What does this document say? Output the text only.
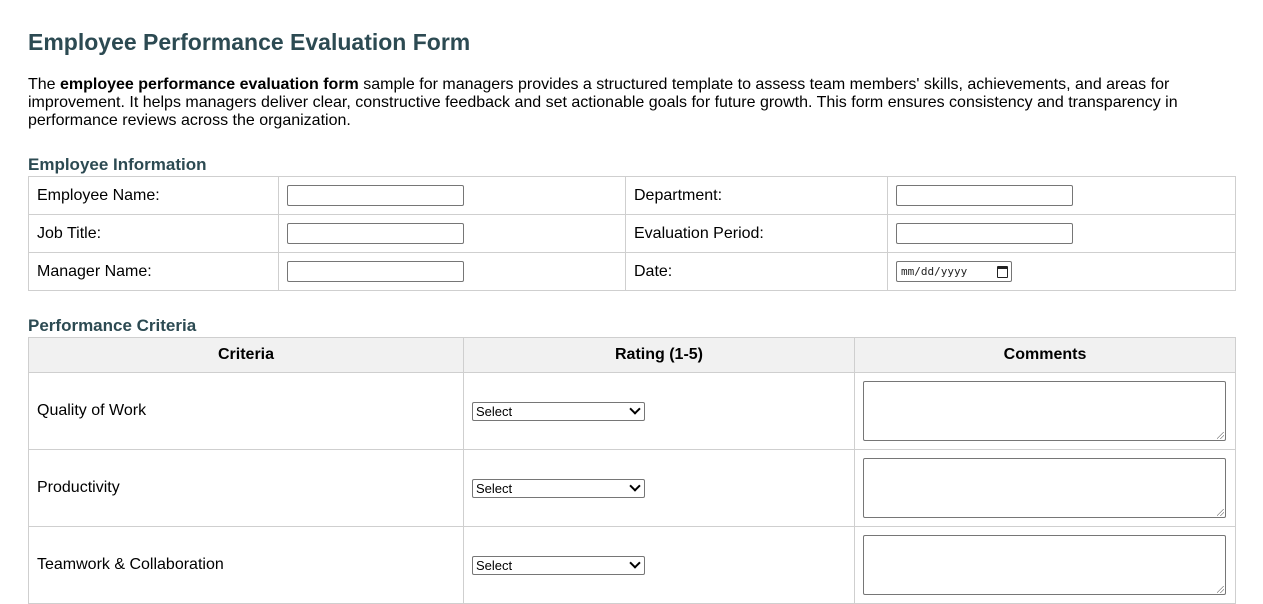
Employee Performance Evaluation Form

The employee performance evaluation form sample for managers provides a structured template to assess team members' skills, achievements, and areas for improvement. It helps managers deliver clear, constructive feedback and set actionable goals for future growth. This form ensures consistency and transparency in performance reviews across the organization.

Employee Information
Employee Name:		Department:	
Job Title:		Evaluation Period:	
Manager Name:		Date:	mm/dd/yyyy
Performance Criteria
Criteria	Rating (1-5)	Comments
Quality of Work	Select	

Productivity	Select	

Teamwork & Collaboration	Select	
